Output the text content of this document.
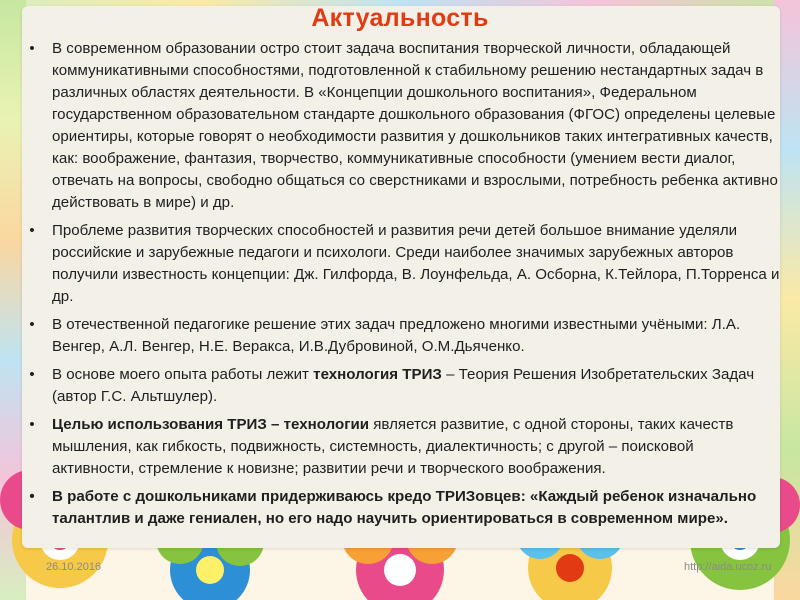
Актуальность
• В современном образовании остро стоит задача воспитания творческой личности, обладающей коммуникативными способностями, подготовленной к стабильному решению нестандартных задач в различных областях деятельности. В «Концепции дошкольного воспитания», Федеральном государственном образовательном стандарте дошкольного образования (ФГОС) определены целевые ориентиры, которые говорят о необходимости развития у дошкольников таких интегративных качеств, как: воображение, фантазия, творчество, коммуникативные способности (умением вести диалог, отвечать на вопросы, свободно общаться со сверстниками и взрослыми, потребность ребенка активно действовать в мире) и др.
• Проблеме развития творческих способностей и развития речи детей большое внимание уделяли российские и зарубежные педагоги и психологи. Среди наиболее значимых зарубежных авторов получили известность концепции: Дж. Гилфорда, В. Лоунфельда, А. Осборна, К.Тейлора, П.Торренса и др.
• В отечественной педагогике решение этих задач предложено многими известными учёными: Л.А. Венгер, А.Л. Венгер, Н.Е. Веракса, И.В.Дубровиной, О.М.Дьяченко.
• В основе моего опыта работы лежит технология ТРИЗ – Теория Решения Изобретательских Задач (автор Г.С. Альтшулер).
• Целью использования ТРИЗ – технологии является развитие, с одной стороны, таких качеств мышления, как гибкость, подвижность, системность, диалектичность; с другой – поисковой активности, стремление к новизне; развитии речи и творческого воображения.
• В работе с дошкольниками придерживаюсь кредо ТРИЗовцев: «Каждый ребенок изначально талантлив и даже гениален, но его надо научить ориентироваться в современном мире».
26.10.2016	http://aida.ucoz.ru
